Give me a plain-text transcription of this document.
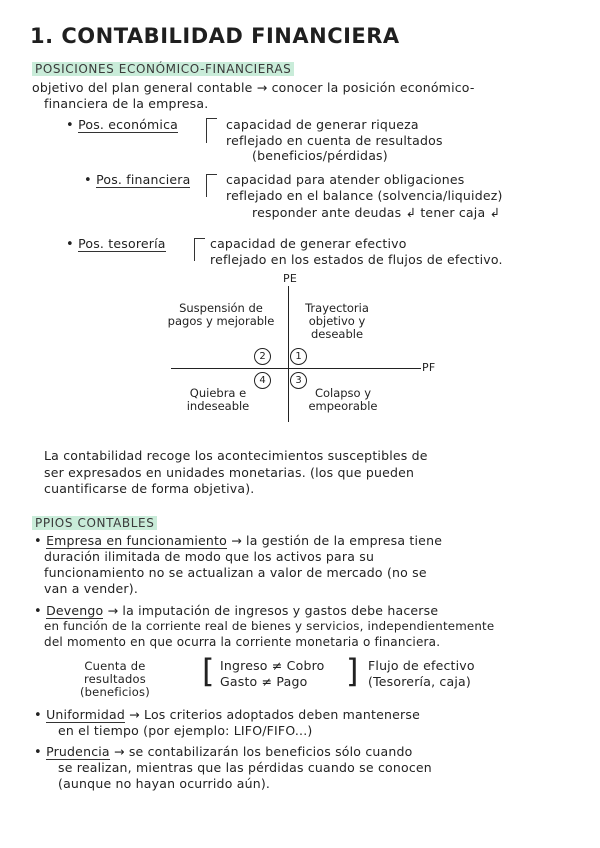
1. CONTABILIDAD FINANCIERA
POSICIONES ECONÓMICO-FINANCIERAS
objetivo del plan general contable → conocer la posición económico-
financiera de la empresa.
• Pos. económica	capacidad de generar riqueza
reflejado en cuenta de resultados
(beneficios/pérdidas)
• Pos. financiera	capacidad para atender obligaciones
reflejado en el balance (solvencia/liquidez)
responder ante deudas ↲ tener caja ↲
• Pos. tesorería	capacidad de generar efectivo
reflejado en los estados de flujos de efectivo.
PE
PF
Suspensión de pagos y mejorable
Trayectoria objetivo y deseable
Quiebra e indeseable
Colapso y empeorable
2	1
4	3
La contabilidad recoge los acontecimientos susceptibles de
ser expresados en unidades monetarias. (los que pueden
cuantificarse de forma objetiva).
PPIOS CONTABLES
• Empresa en funcionamiento → la gestión de la empresa tiene
duración ilimitada de modo que los activos para su
funcionamiento no se actualizan a valor de mercado (no se
van a vender).
• Devengo → la imputación de ingresos y gastos debe hacerse
en función de la corriente real de bienes y servicios, independientemente
del momento en que ocurra la corriente monetaria o financiera.
Cuenta de
resultados
(beneficios)
[ Ingreso ≠ Cobro
Gasto ≠ Pago ] Flujo de efectivo
(Tesorería, caja)
• Uniformidad → Los criterios adoptados deben mantenerse
en el tiempo (por ejemplo: LIFO/FIFO...)
• Prudencia → se contabilizarán los beneficios sólo cuando
se realizan, mientras que las pérdidas cuando se conocen
(aunque no hayan ocurrido aún).
